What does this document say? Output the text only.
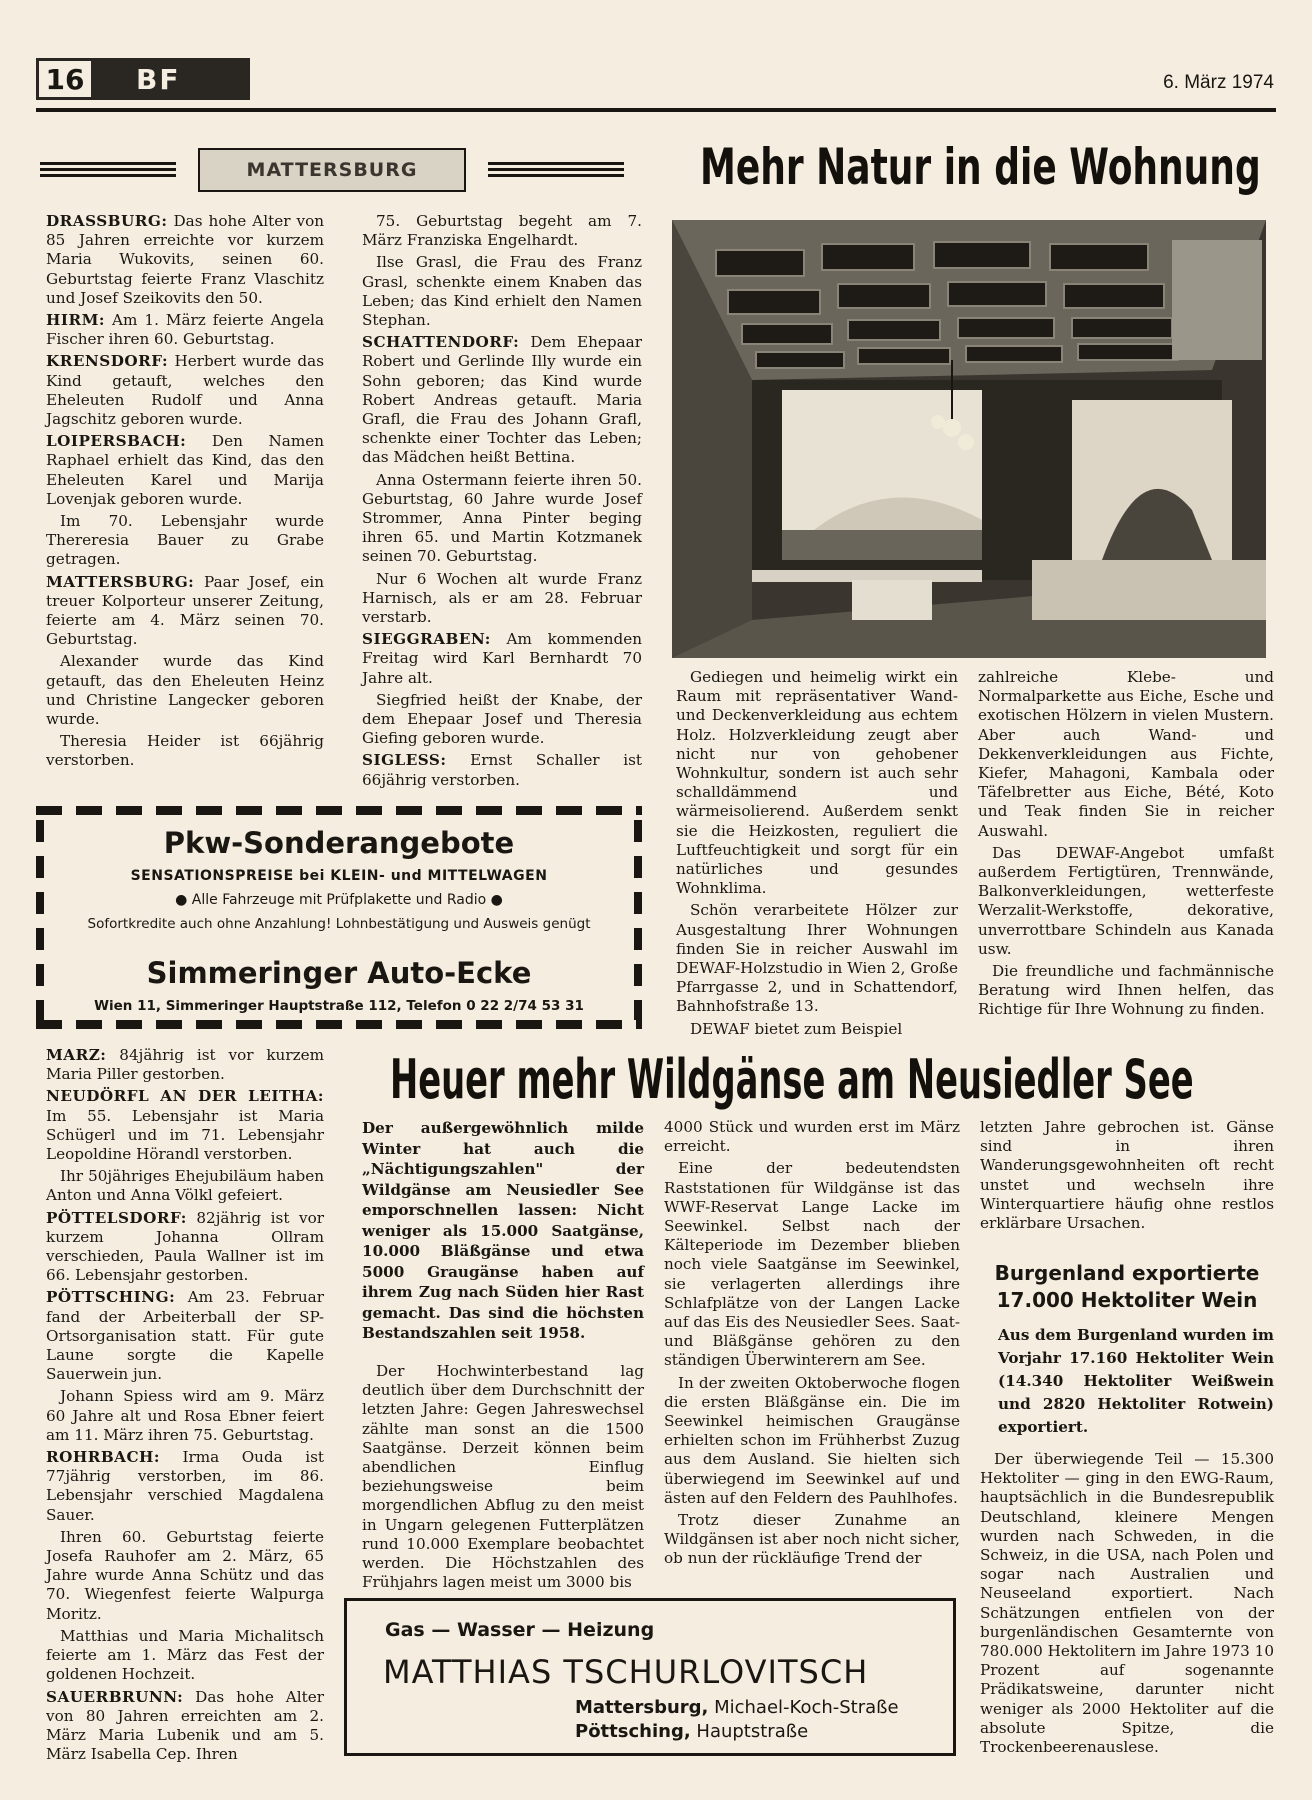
16	BF	6. März 1974
MATTERSBURG

DRASSBURG: Das hohe Alter von 85 Jahren erreichte vor kurzem Maria Wukovits, seinen 60. Geburtstag feierte Franz Vlaschitz und Josef Szeikovits den 50.

HIRM: Am 1. März feierte Angela Fischer ihren 60. Geburtstag.

KRENSDORF: Herbert wurde das Kind getauft, welches den Eheleuten Rudolf und Anna Jagschitz geboren wurde.

LOIPERSBACH: Den Namen Raphael erhielt das Kind, das den Eheleuten Karel und Marija Lovenjak geboren wurde.

Im 70. Lebensjahr wurde Thereresia Bauer zu Grabe getragen.

MATTERSBURG: Paar Josef, ein treuer Kolporteur unserer Zeitung, feierte am 4. März seinen 70. Geburtstag.

Alexander wurde das Kind getauft, das den Eheleuten Heinz und Christine Langecker geboren wurde.

Theresia Heider ist 66jährig verstorben.

75. Geburtstag begeht am 7. März Franziska Engelhardt.

Ilse Grasl, die Frau des Franz Grasl, schenkte einem Knaben das Leben; das Kind erhielt den Namen Stephan.

SCHATTENDORF: Dem Ehepaar Robert und Gerlinde Illy wurde ein Sohn geboren; das Kind wurde Robert Andreas getauft. Maria Grafl, die Frau des Johann Grafl, schenkte einer Tochter das Leben; das Mädchen heißt Bettina.

Anna Ostermann feierte ihren 50. Geburtstag, 60 Jahre wurde Josef Strommer, Anna Pinter beging ihren 65. und Martin Kotzmanek seinen 70. Geburtstag.

Nur 6 Wochen alt wurde Franz Harnisch, als er am 28. Februar verstarb.

SIEGGRABEN: Am kommenden Freitag wird Karl Bernhardt 70 Jahre alt.

Siegfried heißt der Knabe, der dem Ehepaar Josef und Theresia Giefing geboren wurde.

SIGLESS: Ernst Schaller ist 66jährig verstorben.

Pkw-Sonderangebote
SENSATIONSPREISE bei KLEIN- und MITTELWAGEN
● Alle Fahrzeuge mit Prüfplakette und Radio ●
Sofortkredite auch ohne Anzahlung! Lohnbestätigung und Ausweis genügt
Simmeringer Auto-Ecke
Wien 11, Simmeringer Hauptstraße 112, Telefon 0 22 2/74 53 31

MARZ: 84jährig ist vor kurzem Maria Piller gestorben.

NEUDÖRFL AN DER LEITHA: Im 55. Lebensjahr ist Maria Schügerl und im 71. Lebensjahr Leopoldine Hörandl verstorben.

Ihr 50jähriges Ehejubiläum haben Anton und Anna Völkl gefeiert.

PÖTTELSDORF: 82jährig ist vor kurzem Johanna Ollram verschieden, Paula Wallner ist im 66. Lebensjahr gestorben.

PÖTTSCHING: Am 23. Februar fand der Arbeiterball der SP-Ortsorganisation statt. Für gute Laune sorgte die Kapelle Sauerwein jun.

Johann Spiess wird am 9. März 60 Jahre alt und Rosa Ebner feiert am 11. März ihren 75. Geburtstag.

ROHRBACH: Irma Ouda ist 77jährig verstorben, im 86. Lebensjahr verschied Magdalena Sauer.

Ihren 60. Geburtstag feierte Josefa Rauhofer am 2. März, 65 Jahre wurde Anna Schütz und das 70. Wiegenfest feierte Walpurga Moritz.

Matthias und Maria Michalitsch feierte am 1. März das Fest der goldenen Hochzeit.

SAUERBRUNN: Das hohe Alter von 80 Jahren erreichten am 2. März Maria Lubenik und am 5. März Isabella Cep. Ihren

Mehr Natur in die Wohnung

Gediegen und heimelig wirkt ein Raum mit repräsentativer Wand- und Deckenverkleidung aus echtem Holz. Holzverkleidung zeugt aber nicht nur von gehobener Wohnkultur, sondern ist auch sehr schalldämmend und wärmeisolierend. Außerdem senkt sie die Heizkosten, reguliert die Luftfeuchtigkeit und sorgt für ein natürliches und gesundes Wohnklima.

Schön verarbeitete Hölzer zur Ausgestaltung Ihrer Wohnungen finden Sie in reicher Auswahl im DEWAF-Holzstudio in Wien 2, Große Pfarrgasse 2, und in Schattendorf, Bahnhofstraße 13.

DEWAF bietet zum Beispiel

zahlreiche Klebe- und Normalparkette aus Eiche, Esche und exotischen Hölzern in vielen Mustern. Aber auch Wand- und Dekkenverkleidungen aus Fichte, Kiefer, Mahagoni, Kambala oder Täfelbretter aus Eiche, Bété, Koto und Teak finden Sie in reicher Auswahl.

Das DEWAF-Angebot umfaßt außerdem Fertigtüren, Trennwände, Balkonverkleidungen, wetterfeste Werzalit-Werkstoffe, dekorative, unverrottbare Schindeln aus Kanada usw.

Die freundliche und fachmännische Beratung wird Ihnen helfen, das Richtige für Ihre Wohnung zu finden.

Heuer mehr Wildgänse am Neusiedler See

Der außergewöhnlich milde Winter hat auch die „Nächtigungszahlen" der Wildgänse am Neusiedler See emporschnellen lassen: Nicht weniger als 15.000 Saatgänse, 10.000 Bläßgänse und etwa 5000 Graugänse haben auf ihrem Zug nach Süden hier Rast gemacht. Das sind die höchsten Bestandszahlen seit 1958.

Der Hochwinterbestand lag deutlich über dem Durchschnitt der letzten Jahre: Gegen Jahreswechsel zählte man sonst an die 1500 Saatgänse. Derzeit können beim abendlichen Einflug beziehungsweise beim morgendlichen Abflug zu den meist in Ungarn gelegenen Futterplätzen rund 10.000 Exemplare beobachtet werden. Die Höchstzahlen des Frühjahrs lagen meist um 3000 bis

4000 Stück und wurden erst im März erreicht.

Eine der bedeutendsten Raststationen für Wildgänse ist das WWF-Reservat Lange Lacke im Seewinkel. Selbst nach der Kälteperiode im Dezember blieben noch viele Saatgänse im Seewinkel, sie verlagerten allerdings ihre Schlafplätze von der Langen Lacke auf das Eis des Neusiedler Sees. Saat- und Bläßgänse gehören zu den ständigen Überwinterern am See.

In der zweiten Oktoberwoche flogen die ersten Bläßgänse ein. Die im Seewinkel heimischen Graugänse erhielten schon im Frühherbst Zuzug aus dem Ausland. Sie hielten sich überwiegend im Seewinkel auf und ästen auf den Feldern des Pauhlhofes.

Trotz dieser Zunahme an Wildgänsen ist aber noch nicht sicher, ob nun der rückläufige Trend der

letzten Jahre gebrochen ist. Gänse sind in ihren Wanderungsgewohnheiten oft recht unstet und wechseln ihre Winterquartiere häufig ohne restlos erklärbare Ursachen.

Burgenland exportierte
17.000 Hektoliter Wein

Aus dem Burgenland wurden im Vorjahr 17.160 Hektoliter Wein (14.340 Hektoliter Weißwein und 2820 Hektoliter Rotwein) exportiert.

Der überwiegende Teil — 15.300 Hektoliter — ging in den EWG-Raum, hauptsächlich in die Bundesrepublik Deutschland, kleinere Mengen wurden nach Schweden, in die Schweiz, in die USA, nach Polen und sogar nach Australien und Neuseeland exportiert. Nach Schätzungen entfielen von der burgenländischen Gesamternte von 780.000 Hektolitern im Jahre 1973 10 Prozent auf sogenannte Prädikatsweine, darunter nicht weniger als 2000 Hektoliter auf die absolute Spitze, die Trockenbeerenauslese.

Gas — Wasser — Heizung
MATTHIAS TSCHURLOVITSCH
Mattersburg, Michael-Koch-Straße
Pöttsching, Hauptstraße
